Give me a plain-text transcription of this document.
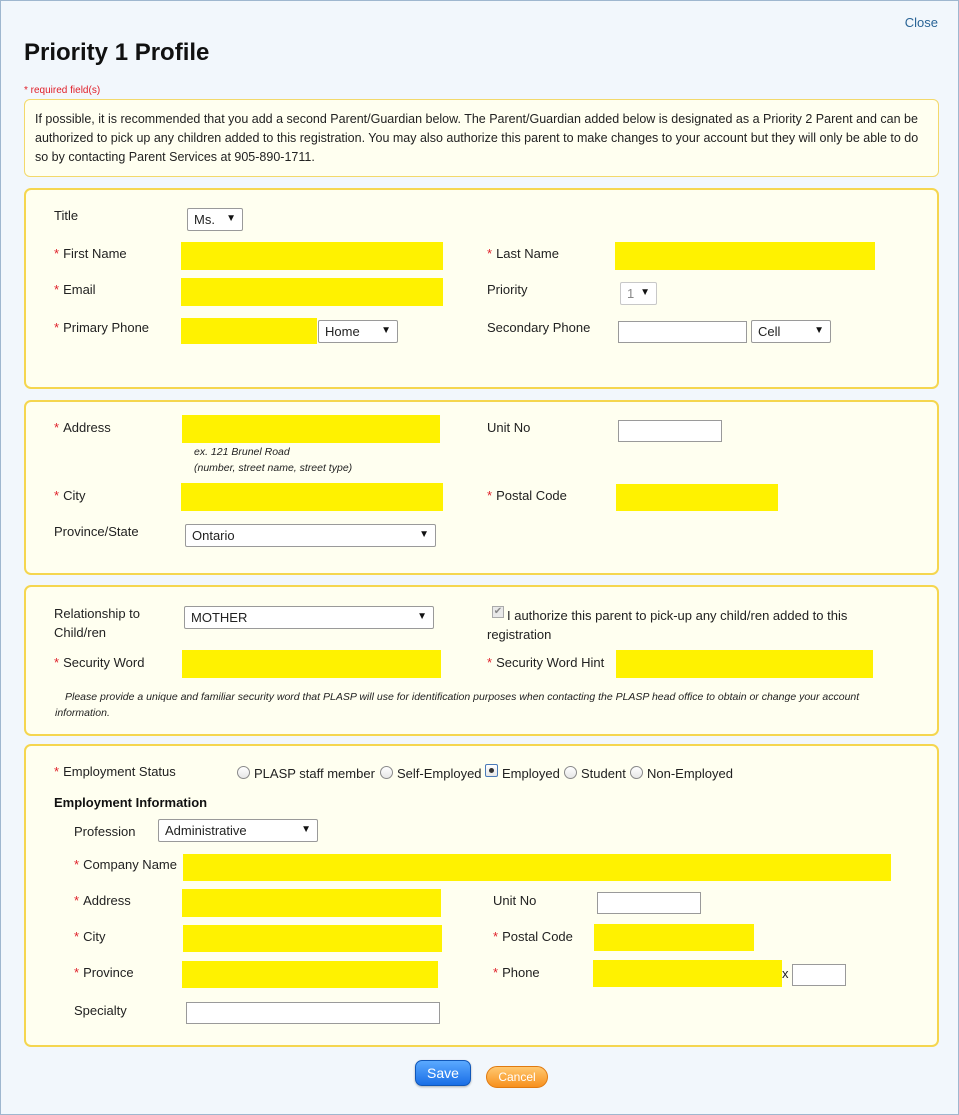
Close
Priority 1 Profile
* required field(s)
If possible, it is recommended that you add a second Parent/Guardian below. The Parent/Guardian added below is designated as a Priority 2 Parent and can be authorized to pick up any children added to this registration. You may also authorize this parent to make changes to your account but they will only be able to do so by contacting Parent Services at 905-890-1711.
Title	Ms. ▼
* First Name	* Last Name
* Email	Priority	1 ▼
* Primary Phone	Home ▼	Secondary Phone	Cell	▼
* Address
ex. 121 Brunel Road
(number, street name, street type)
Unit No
* City	* Postal Code
Province/State	Ontario	▼
Relationship to
Child/ren
MOTHER	▼	✔ I authorize this parent to pick-up any child/ren added to this
registration
* Security Word	* Security Word Hint
Please provide a unique and familiar security word that PLASP will use for identification purposes when contacting the PLASP head office to obtain or change your account
information.
* Employment Status	PLASP staff member Self-Employed Employed Student Non-Employed
Employment Information
Profession	Administrative	▼
* Company Name
* Address	Unit No
* City	* Postal Code
* Province	* Phone	x
Specialty
Save	Cancel
